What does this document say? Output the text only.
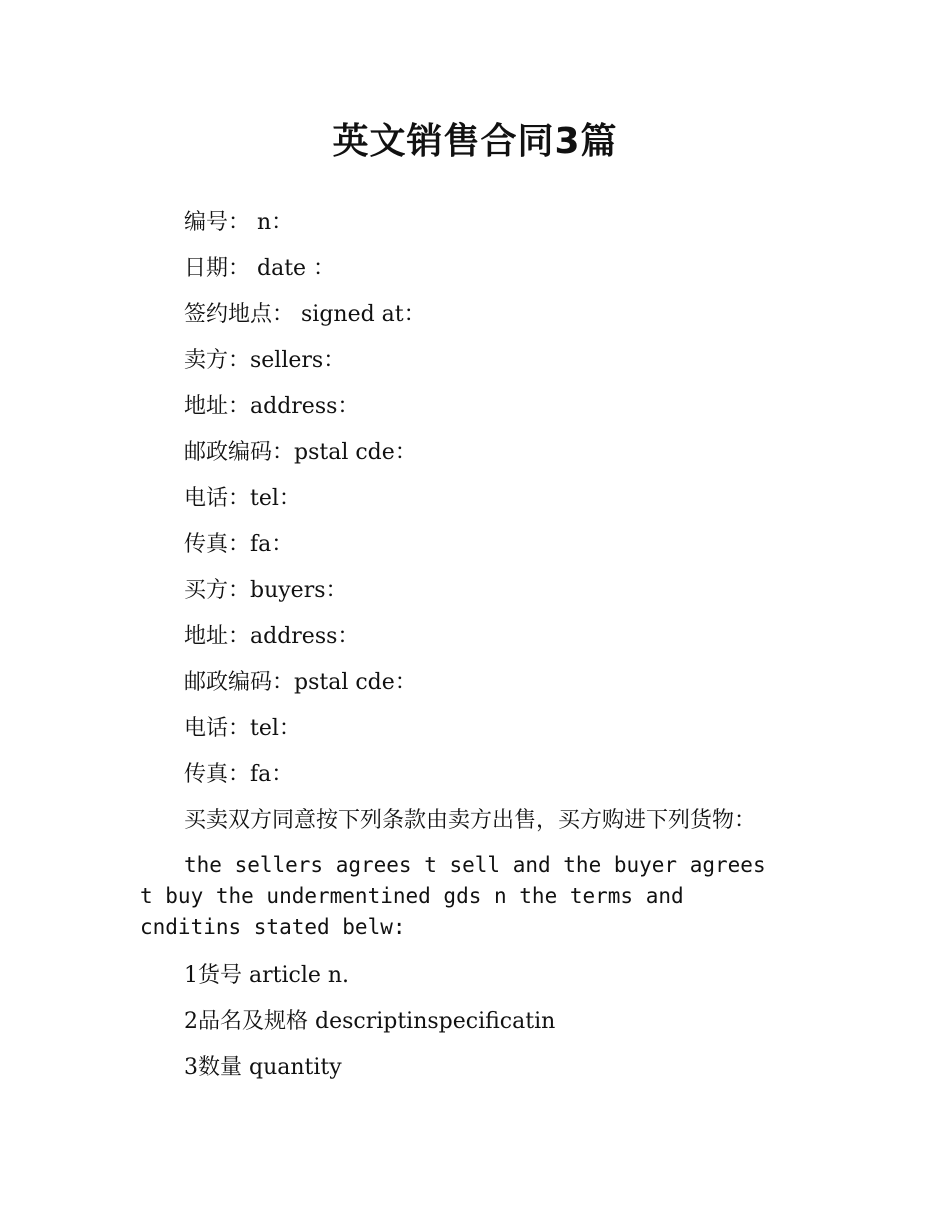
英文销售合同3篇
编号： n：
日期： date ：
签约地点： signed at：
卖方：sellers：
地址：address：
邮政编码：pstal cde：
电话：tel：
传真：fa：
买方：buyers：
地址：address：
邮政编码：pstal cde：
电话：tel：
传真：fa：
买卖双方同意按下列条款由卖方出售，买方购进下列货物：

the sellers agrees t sell and the buyer agrees t buy the undermentined gds n the terms and cnditins stated belw:

1货号 article n.
2品名及规格 descriptinspecificatin
3数量 quantity
